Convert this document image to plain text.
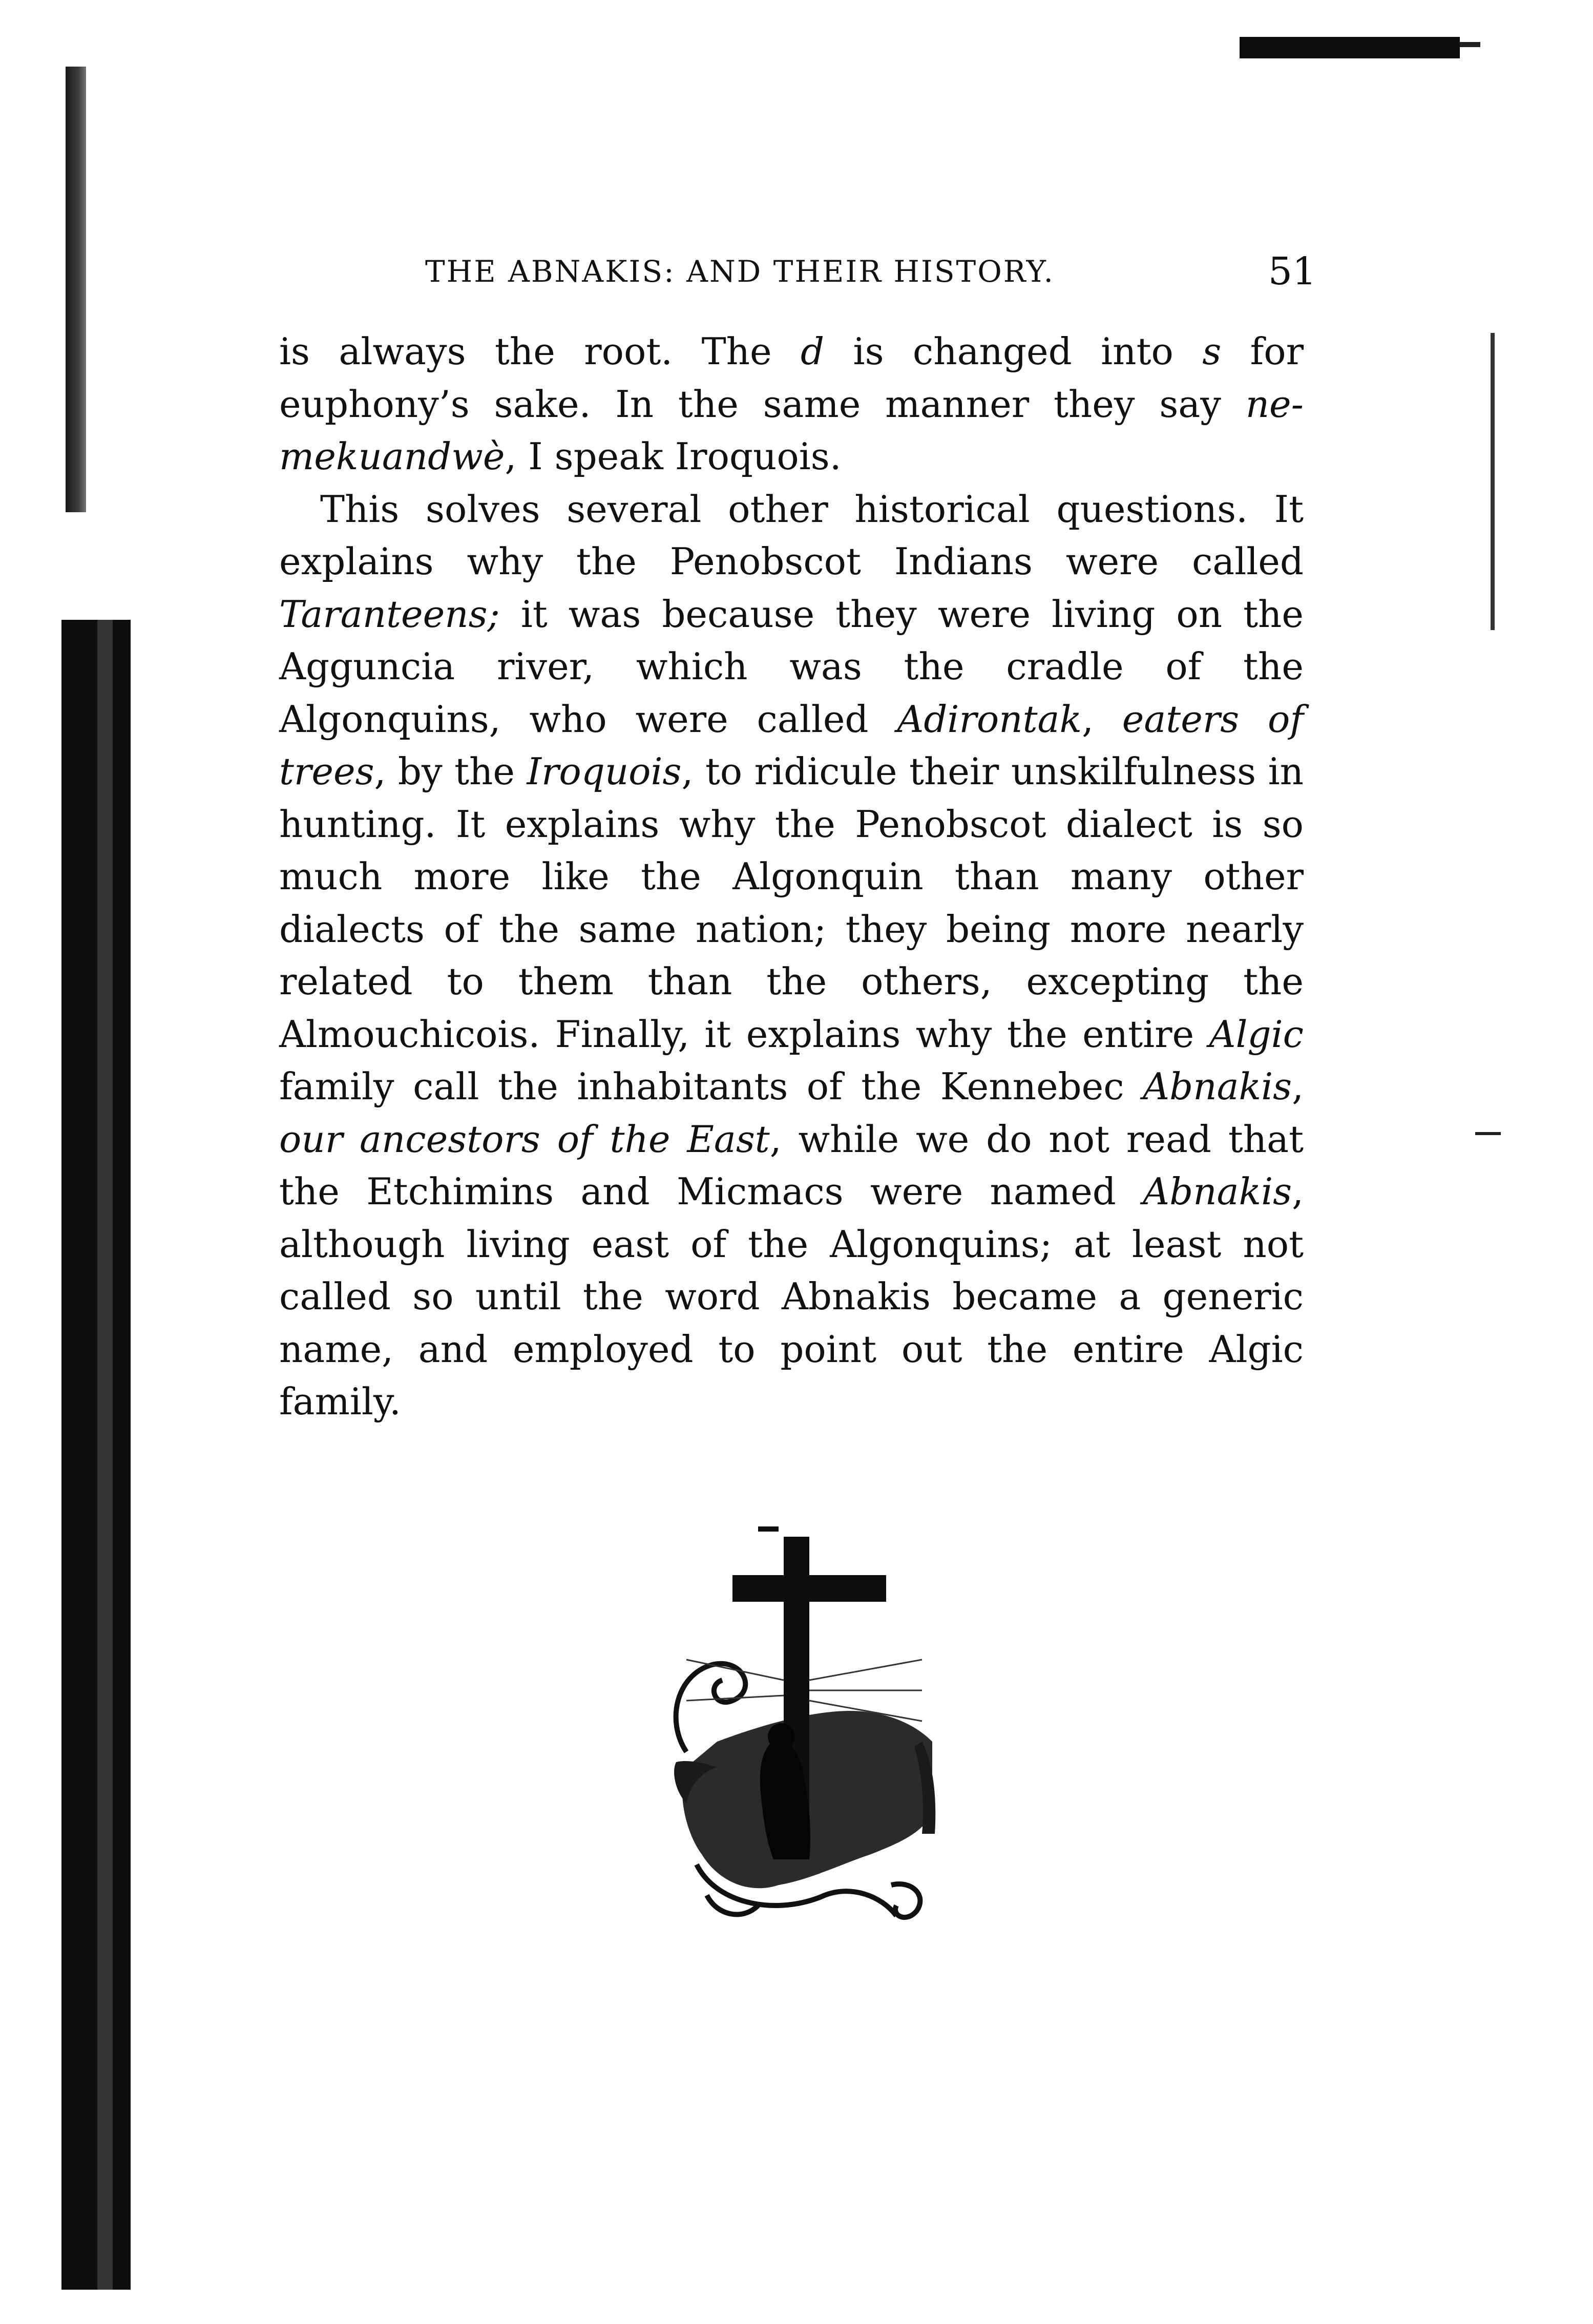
THE ABNAKIS: AND THEIR HISTORY.	51

is always the root. The d is changed into s for euphony’s sake. In the same manner they say ne-mekuandwè, I speak Iroquois.

This solves several other historical questions. It explains why the Penobscot Indians were called Taranteens; it was because they were living on the Agguncia river, which was the cradle of the Algonquins, who were called Adirontak, eaters of trees, by the Iroquois, to ridicule their unskilfulness in hunting. It explains why the Penobscot dialect is so much more like the Algonquin than many other dialects of the same nation; they being more nearly related to them than the others, excepting the Almouchicois. Finally, it explains why the entire Algic family call the inhabitants of the Kennebec Abnakis, our ancestors of the East, while we do not read that the Etchimins and Micmacs were named Abnakis, although living east of the Algonquins; at least not called so until the word Abnakis became a generic name, and employed to point out the entire Algic family.
